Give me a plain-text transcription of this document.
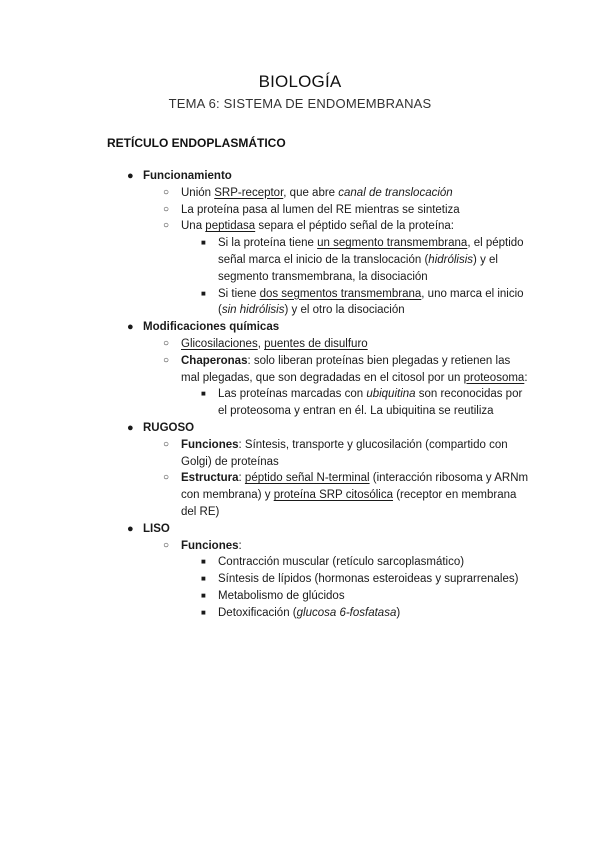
BIOLOGÍA
TEMA 6: SISTEMA DE ENDOMEMBRANAS
RETÍCULO ENDOPLASMÁTICO
● Funcionamiento
○ Unión SRP-receptor, que abre canal de translocación
○ La proteína pasa al lumen del RE mientras se sintetiza
○ Una peptidasa separa el péptido señal de la proteína:
■ Si la proteína tiene un segmento transmembrana, el péptido señal marca el inicio de la translocación (hidrólisis) y el segmento transmembrana, la disociación
■ Si tiene dos segmentos transmembrana, uno marca el inicio (sin hidrólisis) y el otro la disociación
● Modificaciones químicas
○ Glicosilaciones, puentes de disulfuro
○ Chaperonas: solo liberan proteínas bien plegadas y retienen las mal plegadas, que son degradadas en el citosol por un proteosoma:
■ Las proteínas marcadas con ubiquitina son reconocidas por el proteosoma y entran en él. La ubiquitina se reutiliza
● RUGOSO
○ Funciones: Síntesis, transporte y glucosilación (compartido con Golgi) de proteínas
○ Estructura: péptido señal N-terminal (interacción ribosoma y ARNm con membrana) y proteína SRP citosólica (receptor en membrana del RE)
● LISO
○ Funciones:
■ Contracción muscular (retículo sarcoplasmático)
■ Síntesis de lípidos (hormonas esteroideas y suprarrenales)
■ Metabolismo de glúcidos
■ Detoxificación (glucosa 6-fosfatasa)
